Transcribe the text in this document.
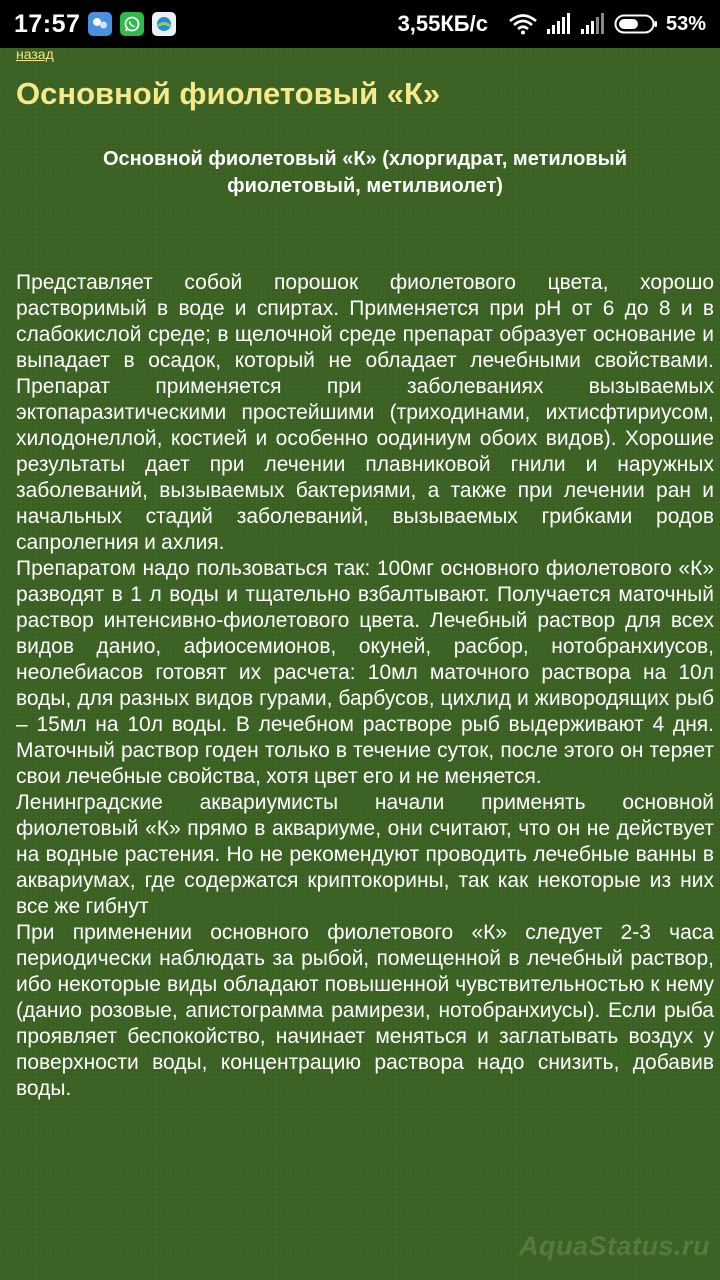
17:57	3,55КБ/с	53%
назад
Основной фиолетовый «К»

Основной фиолетовый «К» (хлоргидрат, метиловый фиолетовый, метилвиолет)

Представляет собой порошок фиолетового цвета, хорошо растворимый в воде и спиртах. Применяется при pH от 6 до 8 и в слабокислой среде; в щелочной среде препарат образует основание и выпадает в осадок, который не обладает лечебными свойствами. Препарат применяется при заболеваниях вызываемых эктопаразитическими простейшими (триходинами, ихтисфтириусом, хилодонеллой, костией и особенно оодиниум обоих видов). Хорошие результаты дает при лечении плавниковой гнили и наружных заболеваний, вызываемых бактериями, а также при лечении ран и начальных стадий заболеваний, вызываемых грибками родов сапролегния и ахлия.

Препаратом надо пользоваться так: 100мг основного фиолетового «К» разводят в 1 л воды и тщательно взбалтывают. Получается маточный раствор интенсивно-фиолетового цвета. Лечебный раствор для всех видов данио, афиосемионов, окуней, расбор, нотобранхиусов, неолебиасов готовят их расчета: 10мл маточного раствора на 10л воды, для разных видов гурами, барбусов, цихлид и живородящих рыб – 15мл на 10л воды. В лечебном растворе рыб выдерживают 4 дня. Маточный раствор годен только в течение суток, после этого он теряет свои лечебные свойства, хотя цвет его и не меняется.

Ленинградские аквариумисты начали применять основной фиолетовый «К» прямо в аквариуме, они считают, что он не действует на водные растения. Но не рекомендуют проводить лечебные ванны в аквариумах, где содержатся криптокорины, так как некоторые из них все же гибнут

При применении основного фиолетового «К» следует 2-3 часа периодически наблюдать за рыбой, помещенной в лечебный раствор, ибо некоторые виды обладают повышенной чувствительностью к нему (данио розовые, апистограмма рамирези, нотобранхиусы). Если рыба проявляет беспокойство, начинает меняться и заглатывать воздух у поверхности воды, концентрацию раствора надо снизить, добавив воды.

AquaStatus.ru
